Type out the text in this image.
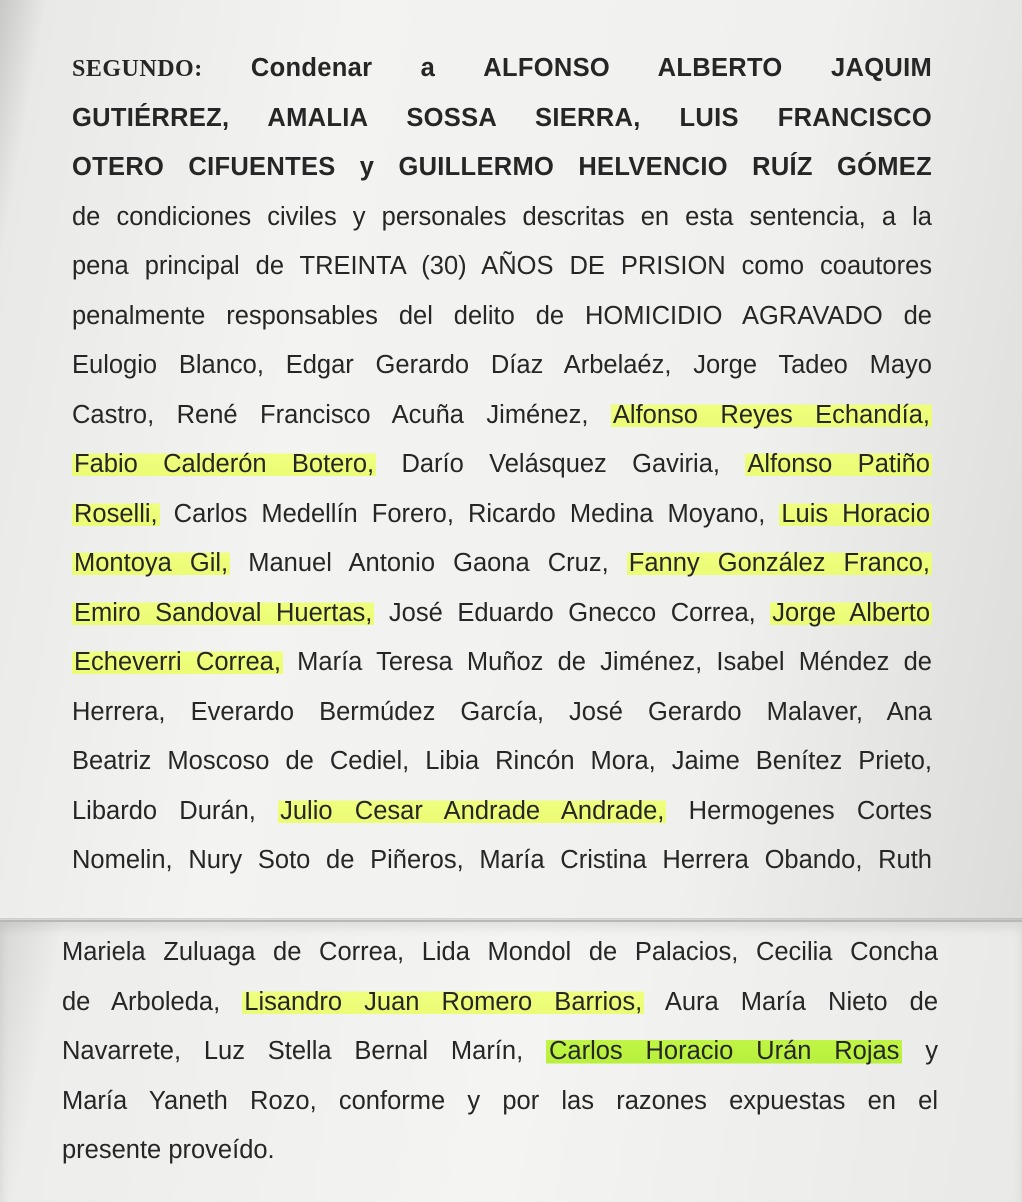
SEGUNDO: Condenar a ALFONSO ALBERTO JAQUIM
GUTIÉRREZ, AMALIA SOSSA SIERRA, LUIS FRANCISCO
OTERO CIFUENTES y GUILLERMO HELVENCIO RUÍZ GÓMEZ
de condiciones civiles y personales descritas en esta sentencia, a la
pena principal de TREINTA (30) AÑOS DE PRISION como coautores
penalmente responsables del delito de HOMICIDIO AGRAVADO de
Eulogio Blanco, Edgar Gerardo Díaz Arbelaéz, Jorge Tadeo Mayo
Castro, René Francisco Acuña Jiménez, Alfonso Reyes Echandía,
Fabio Calderón Botero, Darío Velásquez Gaviria, Alfonso Patiño
Roselli, Carlos Medellín Forero, Ricardo Medina Moyano, Luis Horacio
Montoya Gil, Manuel Antonio Gaona Cruz, Fanny González Franco,
Emiro Sandoval Huertas, José Eduardo Gnecco Correa, Jorge Alberto
Echeverri Correa, María Teresa Muñoz de Jiménez, Isabel Méndez de
Herrera, Everardo Bermúdez García, José Gerardo Malaver, Ana
Beatriz Moscoso de Cediel, Libia Rincón Mora, Jaime Benítez Prieto,
Libardo Durán, Julio Cesar Andrade Andrade, Hermogenes Cortes
Nomelin, Nury Soto de Piñeros, María Cristina Herrera Obando, Ruth
Mariela Zuluaga de Correa, Lida Mondol de Palacios, Cecilia Concha
de Arboleda, Lisandro Juan Romero Barrios, Aura María Nieto de
Navarrete, Luz Stella Bernal Marín, Carlos Horacio Urán Rojas y
María Yaneth Rozo, conforme y por las razones expuestas en el
presente proveído.
